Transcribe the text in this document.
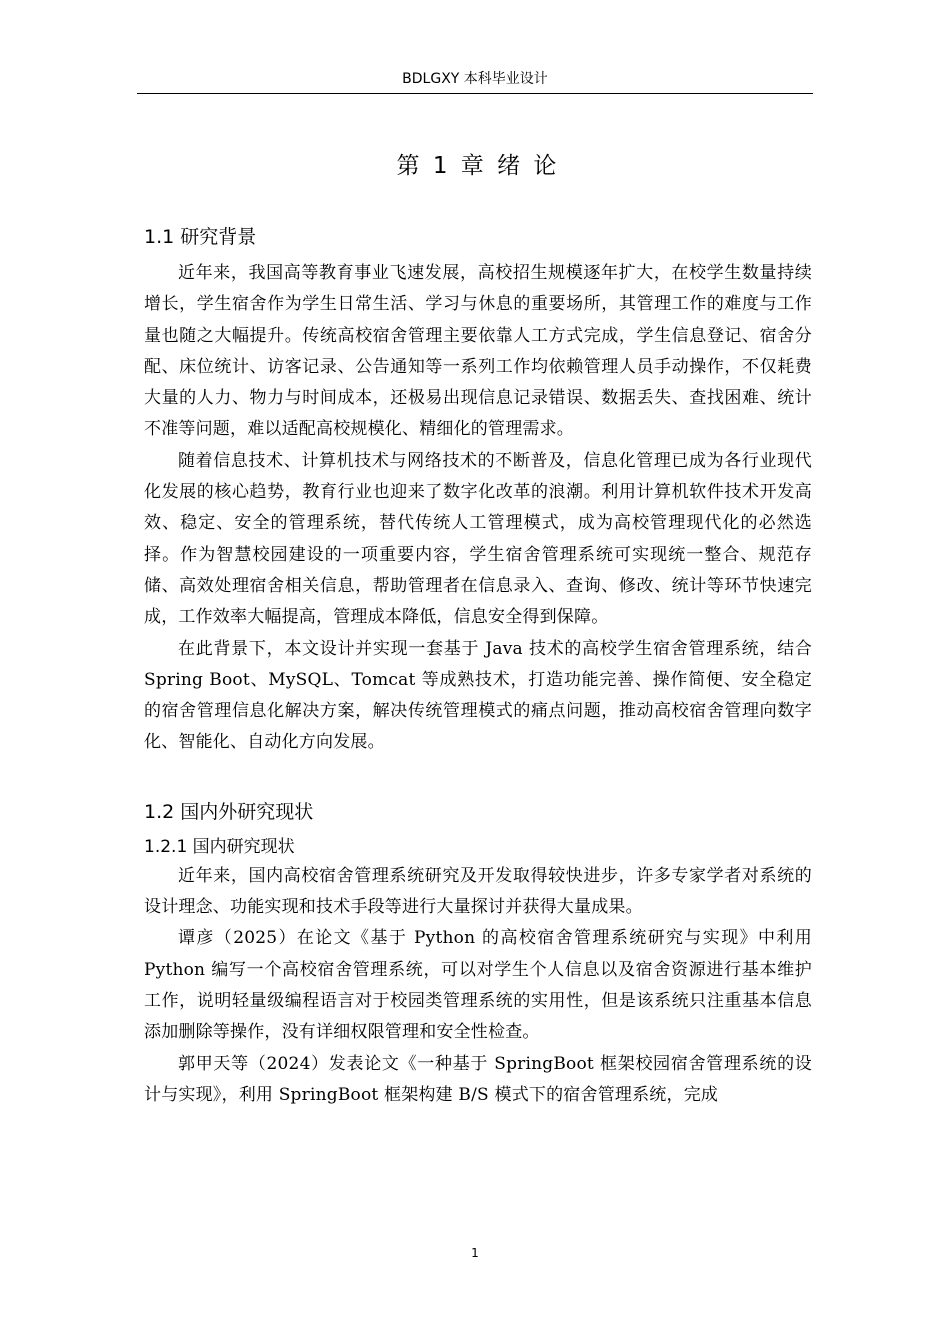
BDLGXY 本科毕业设计
第 1 章 绪 论
1.1 研究背景

近年来，我国高等教育事业飞速发展，高校招生规模逐年扩大，在校学生数量持续增长，学生宿舍作为学生日常生活、学习与休息的重要场所，其管理工作的难度与工作量也随之大幅提升。传统高校宿舍管理主要依靠人工方式完成，学生信息登记、宿舍分配、床位统计、访客记录、公告通知等一系列工作均依赖管理人员手动操作，不仅耗费大量的人力、物力与时间成本，还极易出现信息记录错误、数据丢失、查找困难、统计不准等问题，难以适配高校规模化、精细化的管理需求。

随着信息技术、计算机技术与网络技术的不断普及，信息化管理已成为各行业现代化发展的核心趋势，教育行业也迎来了数字化改革的浪潮。利用计算机软件技术开发高效、稳定、安全的管理系统，替代传统人工管理模式，成为高校管理现代化的必然选择。作为智慧校园建设的一项重要内容，学生宿舍管理系统可实现统一整合、规范存储、高效处理宿舍相关信息，帮助管理者在信息录入、查询、修改、统计等环节快速完成，工作效率大幅提高，管理成本降低，信息安全得到保障。

在此背景下，本文设计并实现一套基于 Java 技术的高校学生宿舍管理系统，结合 Spring Boot、MySQL、Tomcat 等成熟技术，打造功能完善、操作简便、安全稳定的宿舍管理信息化解决方案，解决传统管理模式的痛点问题，推动高校宿舍管理向数字化、智能化、自动化方向发展。

1.2 国内外研究现状
1.2.1 国内研究现状

近年来，国内高校宿舍管理系统研究及开发取得较快进步，许多专家学者对系统的设计理念、功能实现和技术手段等进行大量探讨并获得大量成果。

谭彦（2025）在论文《基于 Python 的高校宿舍管理系统研究与实现》中利用 Python 编写一个高校宿舍管理系统，可以对学生个人信息以及宿舍资源进行基本维护工作，说明轻量级编程语言对于校园类管理系统的实用性，但是该系统只注重基本信息添加删除等操作，没有详细权限管理和安全性检查。

郭甲天等（2024）发表论文《一种基于 SpringBoot 框架校园宿舍管理系统的设计与实现》，利用 SpringBoot 框架构建 B/S 模式下的宿舍管理系统，完成

1
